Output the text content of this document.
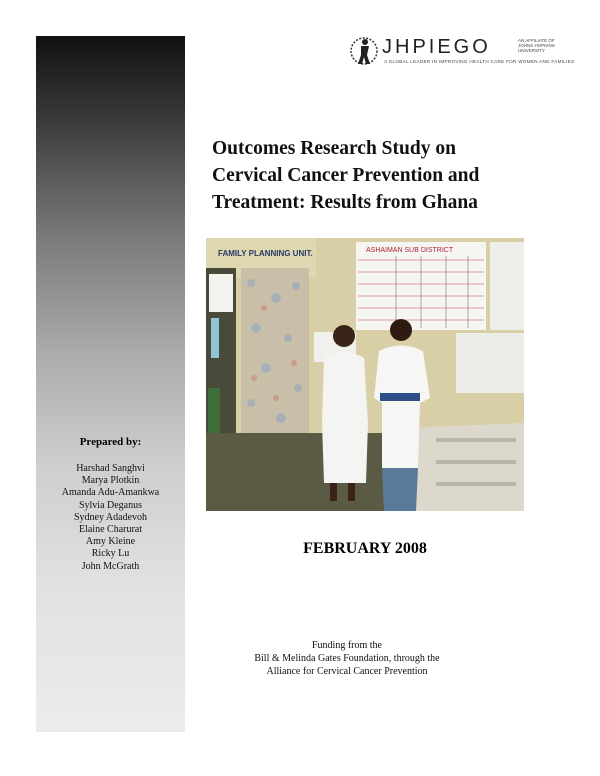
Prepared by:
Harshad Sanghvi
Marya Plotkin
Amanda Adu-Amankwa
Sylvia Deganus
Sydney Adadevoh
Elaine Charurat
Amy Kleine
Ricky Lu
John McGrath
JHPIEGO	AN AFFILIATE OF JOHNS HOPKINS UNIVERSITY
A GLOBAL LEADER IN IMPROVING HEALTH CARE FOR WOMEN AND FAMILIES
Outcomes Research Study on
Cervical Cancer Prevention and
Treatment: Results from Ghana
FAMILY PLANNING UNIT.	ASHAIMAN SUB DISTRICT
FEBRUARY 2008
Funding from the
Bill & Melinda Gates Foundation, through the
Alliance for Cervical Cancer Prevention
